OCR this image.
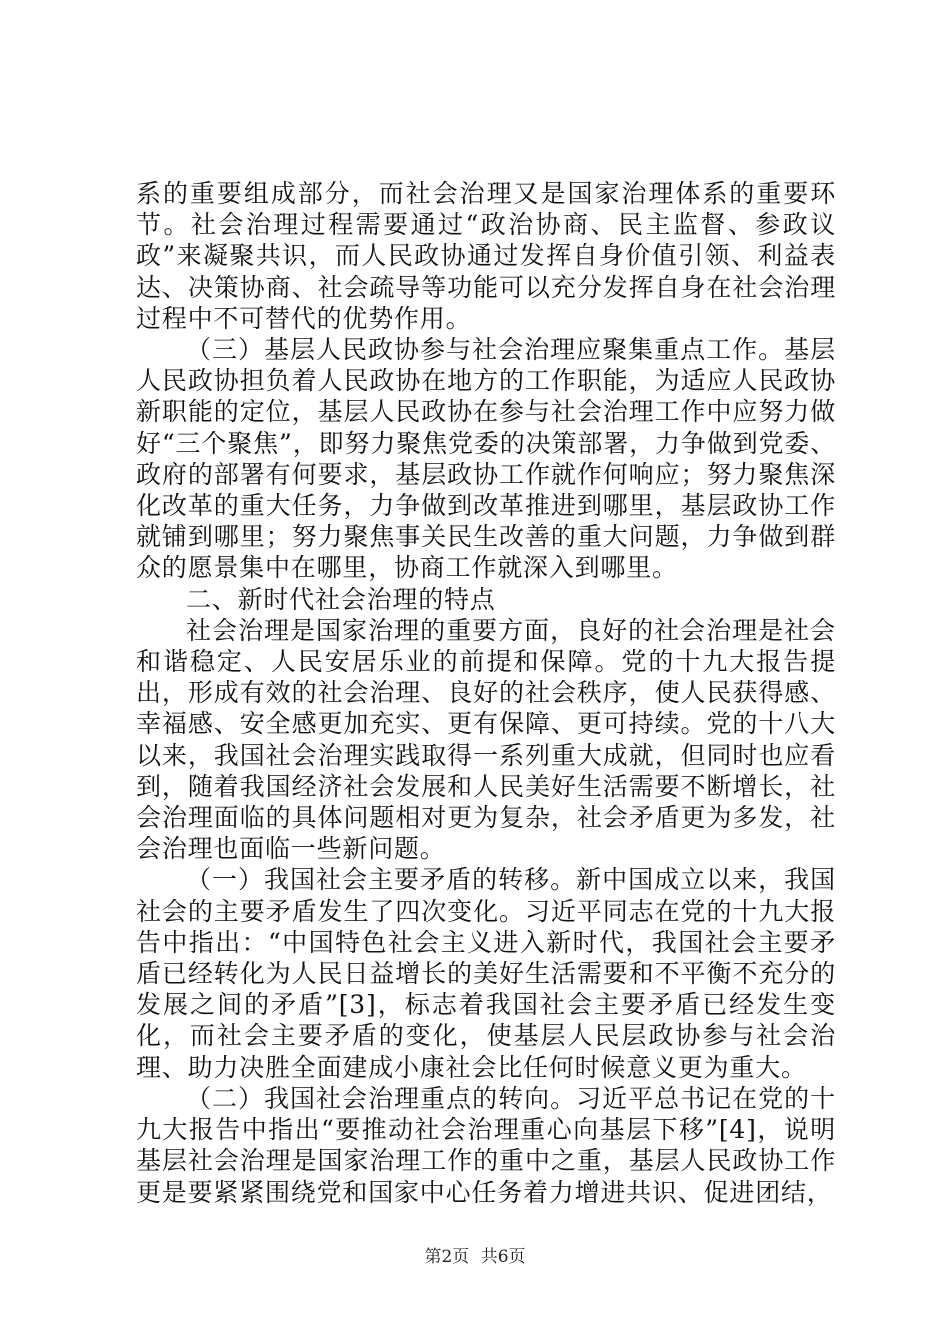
系的重要组成部分，而社会治理又是国家治理体系的重要环节。社会治理过程需要通过“政治协商、民主监督、参政议政”来凝聚共识，而人民政协通过发挥自身价值引领、利益表达、决策协商、社会疏导等功能可以充分发挥自身在社会治理过程中不可替代的优势作用。

（三）基层人民政协参与社会治理应聚集重点工作。基层人民政协担负着人民政协在地方的工作职能，为适应人民政协新职能的定位，基层人民政协在参与社会治理工作中应努力做好“三个聚焦”，即努力聚焦党委的决策部署，力争做到党委、政府的部署有何要求，基层政协工作就作何响应；努力聚焦深化改革的重大任务，力争做到改革推进到哪里，基层政协工作就铺到哪里；努力聚焦事关民生改善的重大问题，力争做到群众的愿景集中在哪里，协商工作就深入到哪里。

二、新时代社会治理的特点

社会治理是国家治理的重要方面，良好的社会治理是社会和谐稳定、人民安居乐业的前提和保障。党的十九大报告提出，形成有效的社会治理、良好的社会秩序，使人民获得感、幸福感、安全感更加充实、更有保障、更可持续。党的十八大以来，我国社会治理实践取得一系列重大成就，但同时也应看到，随着我国经济社会发展和人民美好生活需要不断增长，社会治理面临的具体问题相对更为复杂，社会矛盾更为多发，社会治理也面临一些新问题。

（一）我国社会主要矛盾的转移。新中国成立以来，我国社会的主要矛盾发生了四次变化。习近平同志在党的十九大报告中指出：“中国特色社会主义进入新时代，我国社会主要矛盾已经转化为人民日益增长的美好生活需要和不平衡不充分的发展之间的矛盾”[3]，标志着我国社会主要矛盾已经发生变化，而社会主要矛盾的变化，使基层人民层政协参与社会治理、助力决胜全面建成小康社会比任何时候意义更为重大。

（二）我国社会治理重点的转向。习近平总书记在党的十九大报告中指出“要推动社会治理重心向基层下移”[4]，说明基层社会治理是国家治理工作的重中之重，基层人民政协工作更是要紧紧围绕党和国家中心任务着力增进共识、促进团结，

第2页 共6页
